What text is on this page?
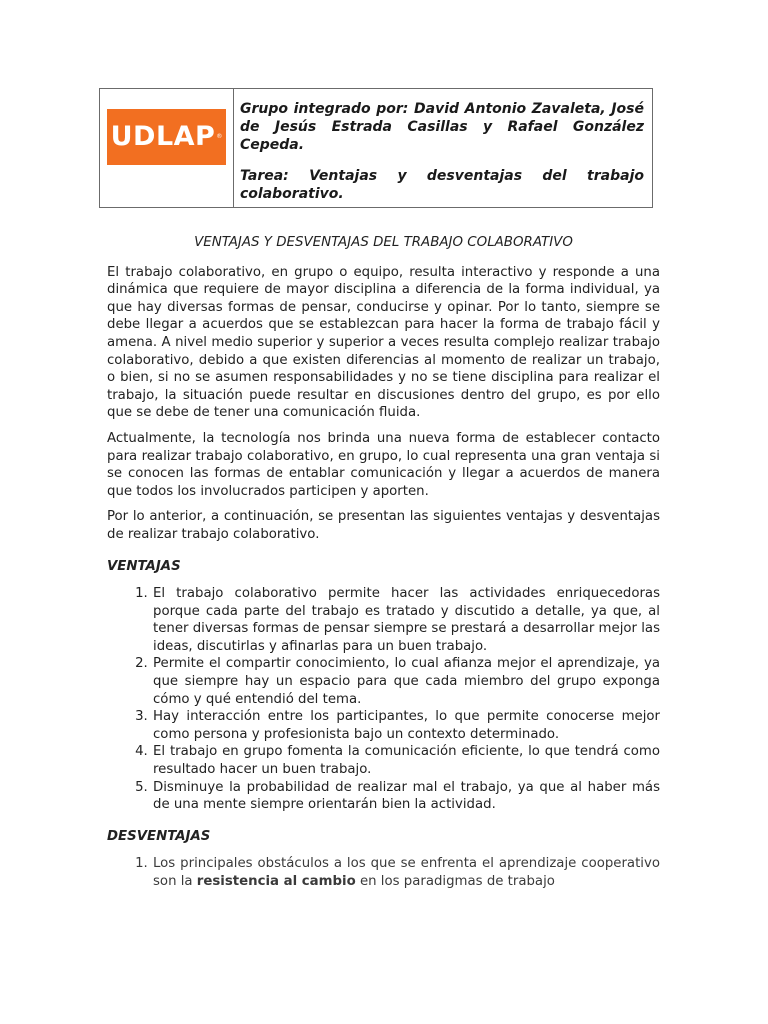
UDLAP ®

Grupo integrado por: David Antonio Zavaleta, José de Jesús Estrada Casillas y Rafael González Cepeda.

Tarea: Ventajas y desventajas del trabajo colaborativo.

VENTAJAS Y DESVENTAJAS DEL TRABAJO COLABORATIVO

El trabajo colaborativo, en grupo o equipo, resulta interactivo y responde a una dinámica que requiere de mayor disciplina a diferencia de la forma individual, ya que hay diversas formas de pensar, conducirse y opinar. Por lo tanto, siempre se debe llegar a acuerdos que se establezcan para hacer la forma de trabajo fácil y amena. A nivel medio superior y superior a veces resulta complejo realizar trabajo colaborativo, debido a que existen diferencias al momento de realizar un trabajo, o bien, si no se asumen responsabilidades y no se tiene disciplina para realizar el trabajo, la situación puede resultar en discusiones dentro del grupo, es por ello que se debe de tener una comunicación fluida.

Actualmente, la tecnología nos brinda una nueva forma de establecer contacto para realizar trabajo colaborativo, en grupo, lo cual representa una gran ventaja si se conocen las formas de entablar comunicación y llegar a acuerdos de manera que todos los involucrados participen y aporten.

Por lo anterior, a continuación, se presentan las siguientes ventajas y desventajas de realizar trabajo colaborativo.

VENTAJAS

1. El trabajo colaborativo permite hacer las actividades enriquecedoras porque cada parte del trabajo es tratado y discutido a detalle, ya que, al tener diversas formas de pensar siempre se prestará a desarrollar mejor las ideas, discutirlas y afinarlas para un buen trabajo.
2. Permite el compartir conocimiento, lo cual afianza mejor el aprendizaje, ya que siempre hay un espacio para que cada miembro del grupo exponga cómo y qué entendió del tema.
3. Hay interacción entre los participantes, lo que permite conocerse mejor como persona y profesionista bajo un contexto determinado.
4. El trabajo en grupo fomenta la comunicación eficiente, lo que tendrá como resultado hacer un buen trabajo.
5. Disminuye la probabilidad de realizar mal el trabajo, ya que al haber más de una mente siempre orientarán bien la actividad.

DESVENTAJAS

1. Los principales obstáculos a los que se enfrenta el aprendizaje cooperativo son la resistencia al cambio en los paradigmas de trabajo
